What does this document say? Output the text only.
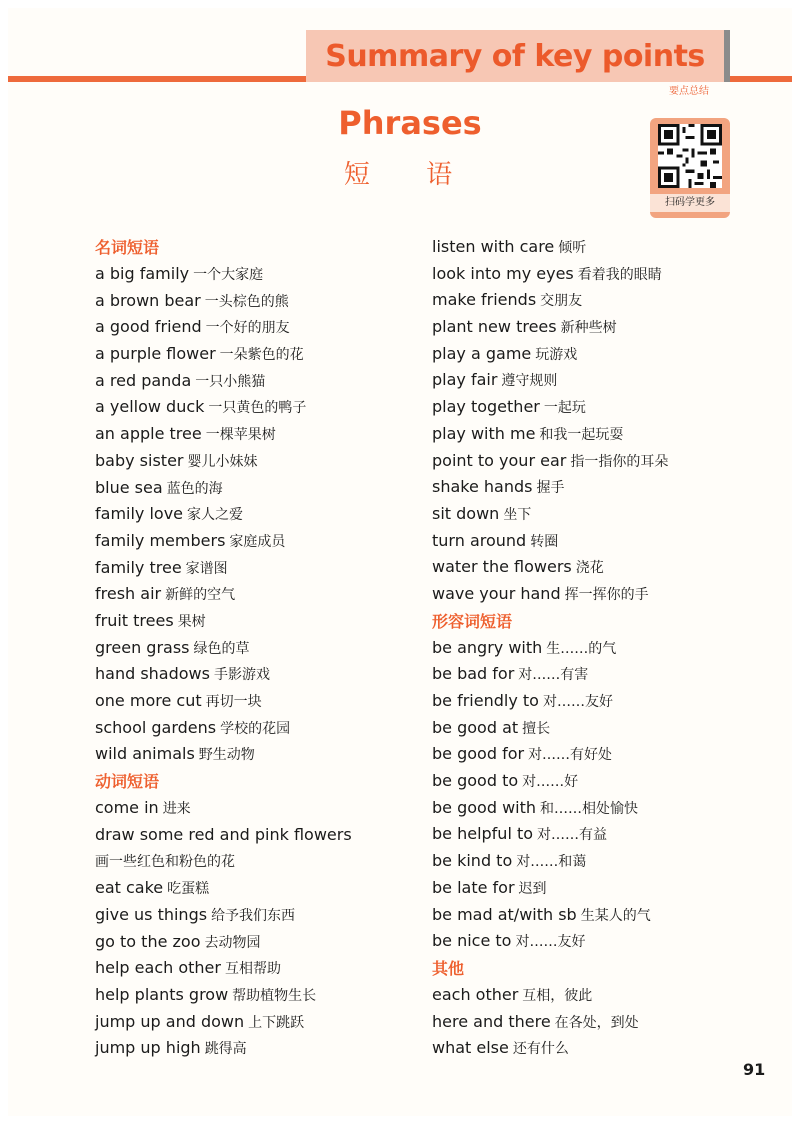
Summary of key points
要点总结
Phrases
短 语
扫码学更多
名词短语
a big family 一个大家庭
a brown bear 一头棕色的熊
a good friend 一个好的朋友
a purple flower 一朵紫色的花
a red panda 一只小熊猫
a yellow duck 一只黄色的鸭子
an apple tree 一棵苹果树
baby sister 婴儿小妹妹
blue sea 蓝色的海
family love 家人之爱
family members 家庭成员
family tree 家谱图
fresh air 新鲜的空气
fruit trees 果树
green grass 绿色的草
hand shadows 手影游戏
one more cut 再切一块
school gardens 学校的花园
wild animals 野生动物
动词短语
come in 进来
draw some red and pink flowers
画一些红色和粉色的花
eat cake 吃蛋糕
give us things 给予我们东西
go to the zoo 去动物园
help each other 互相帮助
help plants grow 帮助植物生长
jump up and down 上下跳跃
jump up high 跳得高
listen with care 倾听
look into my eyes 看着我的眼睛
make friends 交朋友
plant new trees 新种些树
play a game 玩游戏
play fair 遵守规则
play together 一起玩
play with me 和我一起玩耍
point to your ear 指一指你的耳朵
shake hands 握手
sit down 坐下
turn around 转圈
water the flowers 浇花
wave your hand 挥一挥你的手
形容词短语
be angry with 生……的气
be bad for 对……有害
be friendly to 对……友好
be good at 擅长
be good for 对……有好处
be good to 对……好
be good with 和……相处愉快
be helpful to 对……有益
be kind to 对……和蔼
be late for 迟到
be mad at/with sb 生某人的气
be nice to 对……友好
其他
each other 互相，彼此
here and there 在各处，到处
what else 还有什么
91
